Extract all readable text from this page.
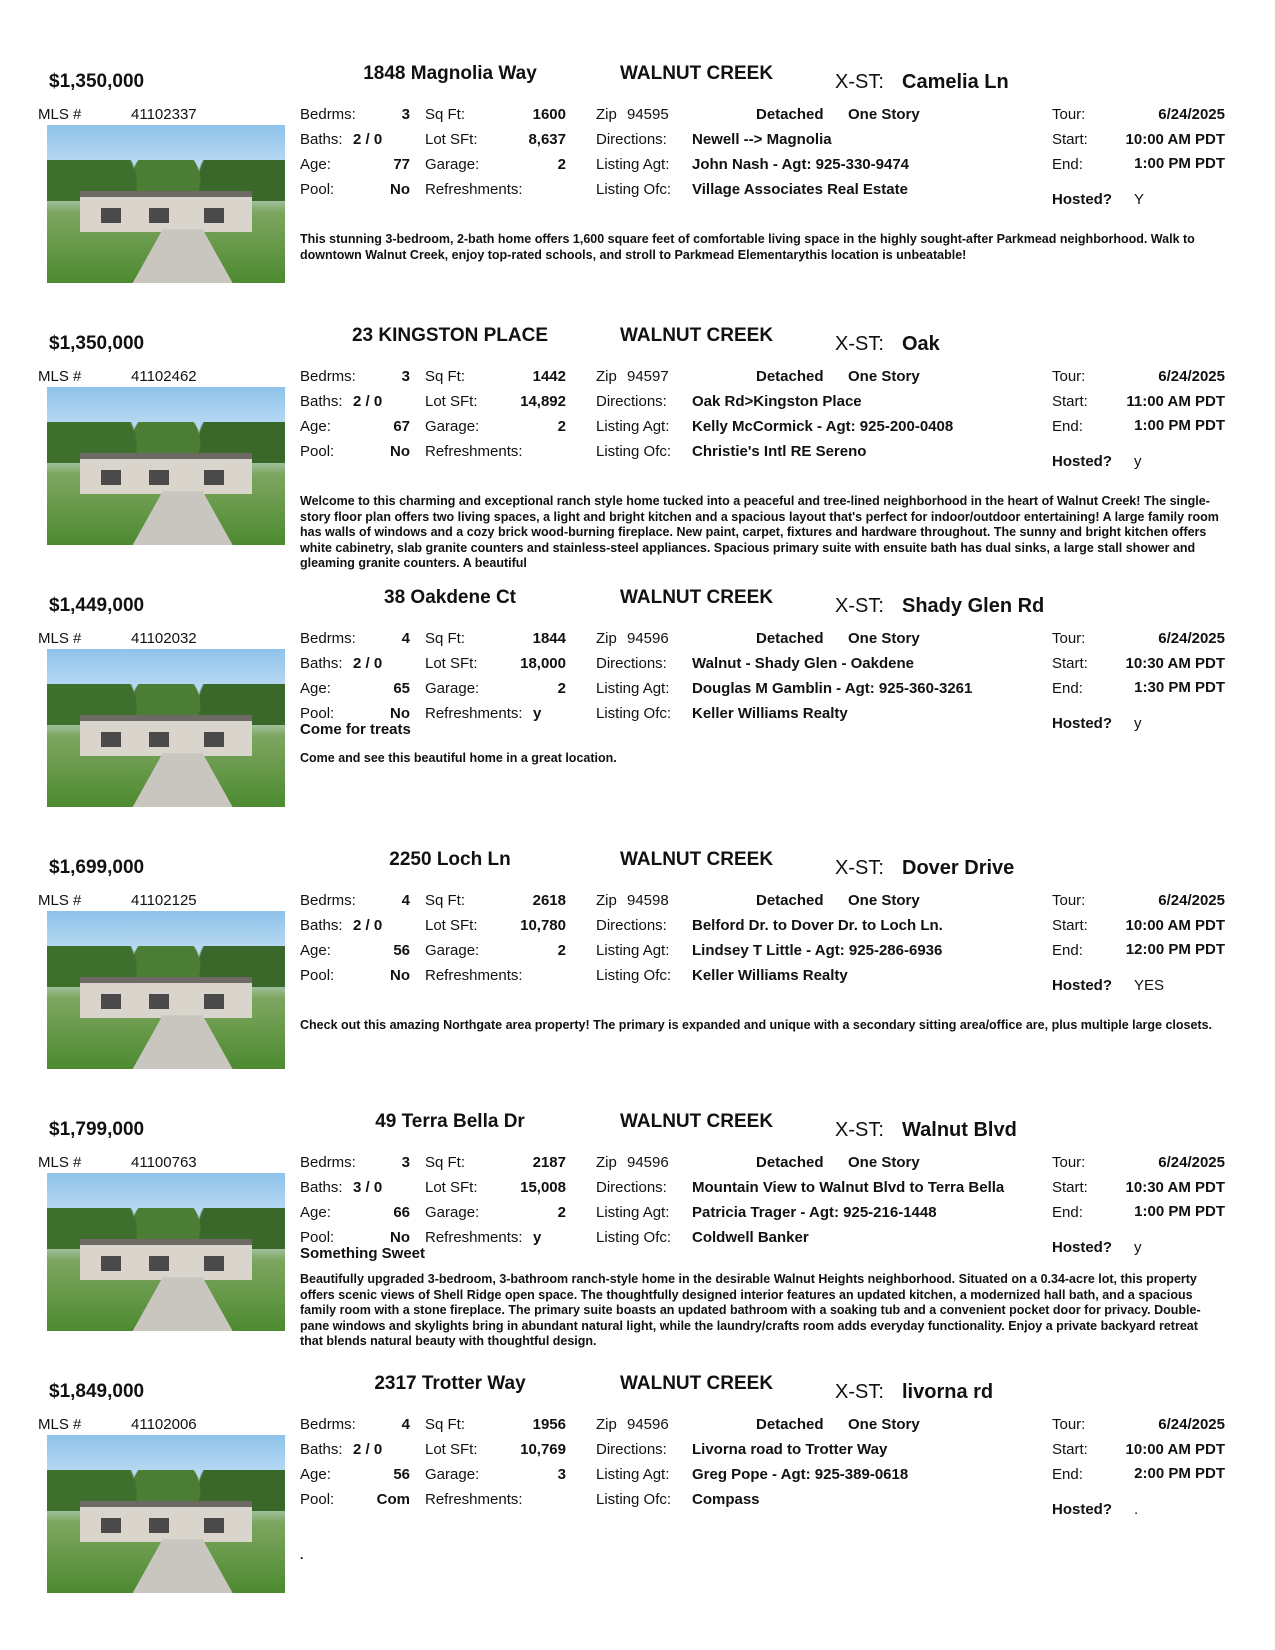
$1,350,000	1848 Magnolia Way	WALNUT CREEK	X-ST: Camelia Ln
MLS #	41102337	Bedrms:	3
Baths: 2 / 0
Age:	77
Pool:	No
Sq Ft:	1600
Lot SFt:	8,637
Garage:	2
Refreshments:
Zip 94595	Detached One Story
Directions: Newell --> Magnolia
Listing Agt: John Nash - Agt: 925-330-9474
Listing Ofc: Village Associates Real Estate
Tour:	6/24/2025
Start:	10:00 AM PDT
End:	1:00 PM PDT
Hosted? Y
This stunning 3-bedroom, 2-bath home offers 1,600 square feet of comfortable living space in the highly sought-after Parkmead neighborhood. Walk to downtown Walnut Creek, enjoy top-rated schools, and stroll to Parkmead Elementarythis location is unbeatable!
$1,350,000	23 KINGSTON PLACE	WALNUT CREEK	X-ST: Oak
MLS #	41102462	Bedrms:	3
Baths: 2 / 0
Age:	67
Pool:	No
Sq Ft:	1442
Lot SFt:	14,892
Garage:	2
Refreshments:
Zip 94597	Detached One Story
Directions: Oak Rd>Kingston Place
Listing Agt: Kelly McCormick - Agt: 925-200-0408
Listing Ofc: Christie's Intl RE Sereno
Tour:	6/24/2025
Start:	11:00 AM PDT
End:	1:00 PM PDT
Hosted? y
Welcome to this charming and exceptional ranch style home tucked into a peaceful and tree-lined neighborhood in the heart of Walnut Creek! The single-story floor plan offers two living spaces, a light and bright kitchen and a spacious layout that's perfect for indoor/outdoor entertaining! A large family room has walls of windows and a cozy brick wood-burning fireplace. New paint, carpet, fixtures and hardware throughout. The sunny and bright kitchen offers white cabinetry, slab granite counters and stainless-steel appliances. Spacious primary suite with ensuite bath has dual sinks, a large stall shower and gleaming granite counters. A beautiful
$1,449,000	38 Oakdene Ct	WALNUT CREEK	X-ST: Shady Glen Rd
MLS #	41102032	Bedrms:	4
Baths: 2 / 0
Age:	65
Pool:	No
Sq Ft:	1844
Lot SFt:	18,000
Garage:	2
Refreshments: y
Zip 94596	Detached One Story
Directions: Walnut - Shady Glen - Oakdene
Listing Agt: Douglas M Gamblin - Agt: 925-360-3261
Listing Ofc: Keller Williams Realty
Tour:	6/24/2025
Start:	10:30 AM PDT
End:	1:30 PM PDT
Hosted? y
Come for treats
Come and see this beautiful home in a great location.
$1,699,000	2250 Loch Ln	WALNUT CREEK	X-ST: Dover Drive
MLS #	41102125	Bedrms:	4
Baths: 2 / 0
Age:	56
Pool:	No
Sq Ft:	2618
Lot SFt:	10,780
Garage:	2
Refreshments:
Zip 94598	Detached One Story
Directions: Belford Dr. to Dover Dr. to Loch Ln.
Listing Agt: Lindsey T Little - Agt: 925-286-6936
Listing Ofc: Keller Williams Realty
Tour:	6/24/2025
Start:	10:00 AM PDT
End:	12:00 PM PDT
Hosted? YES
Check out this amazing Northgate area property! The primary is expanded and unique with a secondary sitting area/office are, plus multiple large closets.
$1,799,000	49 Terra Bella Dr	WALNUT CREEK	X-ST: Walnut Blvd
MLS #	41100763	Bedrms:	3
Baths: 3 / 0
Age:	66
Pool:	No
Sq Ft:	2187
Lot SFt:	15,008
Garage:	2
Refreshments: y
Zip 94596	Detached One Story
Directions: Mountain View to Walnut Blvd to Terra Bella
Listing Agt: Patricia Trager - Agt: 925-216-1448
Listing Ofc: Coldwell Banker
Tour:	6/24/2025
Start:	10:30 AM PDT
End:	1:00 PM PDT
Hosted? y
Something Sweet
Beautifully upgraded 3-bedroom, 3-bathroom ranch-style home in the desirable Walnut Heights neighborhood. Situated on a 0.34-acre lot, this property offers scenic views of Shell Ridge open space. The thoughtfully designed interior features an updated kitchen, a modernized hall bath, and a spacious family room with a stone fireplace. The primary suite boasts an updated bathroom with a soaking tub and a convenient pocket door for privacy. Double-pane windows and skylights bring in abundant natural light, while the laundry/crafts room adds everyday functionality. Enjoy a private backyard retreat that blends natural beauty with thoughtful design.
$1,849,000	2317 Trotter Way	WALNUT CREEK	X-ST: livorna rd
MLS #	41102006	Bedrms:	4
Baths: 2 / 0
Age:	56
Pool:	Com
Sq Ft:	1956
Lot SFt:	10,769
Garage:	3
Refreshments:
Zip 94596	Detached One Story
Directions: Livorna road to Trotter Way
Listing Agt: Greg Pope - Agt: 925-389-0618
Listing Ofc: Compass
Tour:	6/24/2025
Start:	10:00 AM PDT
End:	2:00 PM PDT
Hosted? .
.
